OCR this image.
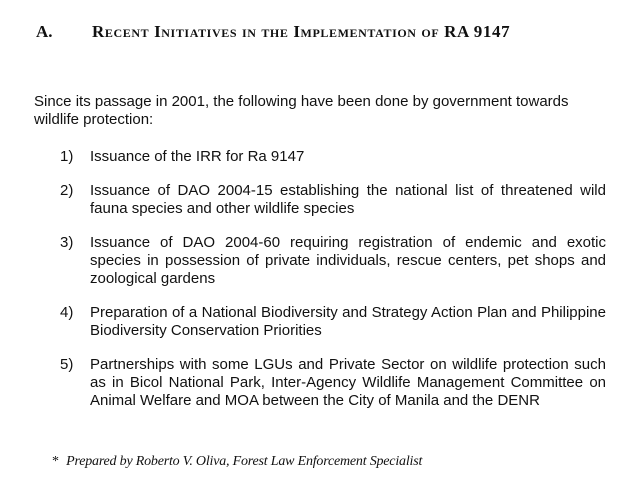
A. Recent Initiatives in the Implementation of RA 9147

Since its passage in 2001, the following have been done by government towards wildlife protection:

1) Issuance of the IRR for Ra 9147
2) Issuance of DAO 2004-15 establishing the national list of threatened wild fauna species and other wildlife species
3) Issuance of DAO 2004-60 requiring registration of endemic and exotic species in possession of private individuals, rescue centers, pet shops and zoological gardens
4) Preparation of a National Biodiversity and Strategy Action Plan and Philippine Biodiversity Conservation Priorities
5) Partnerships with some LGUs and Private Sector on wildlife protection such as in Bicol National Park, Inter-Agency Wildlife Management Committee on Animal Welfare and MOA between the City of Manila and the DENR
* Prepared by Roberto V. Oliva, Forest Law Enforcement Specialist
